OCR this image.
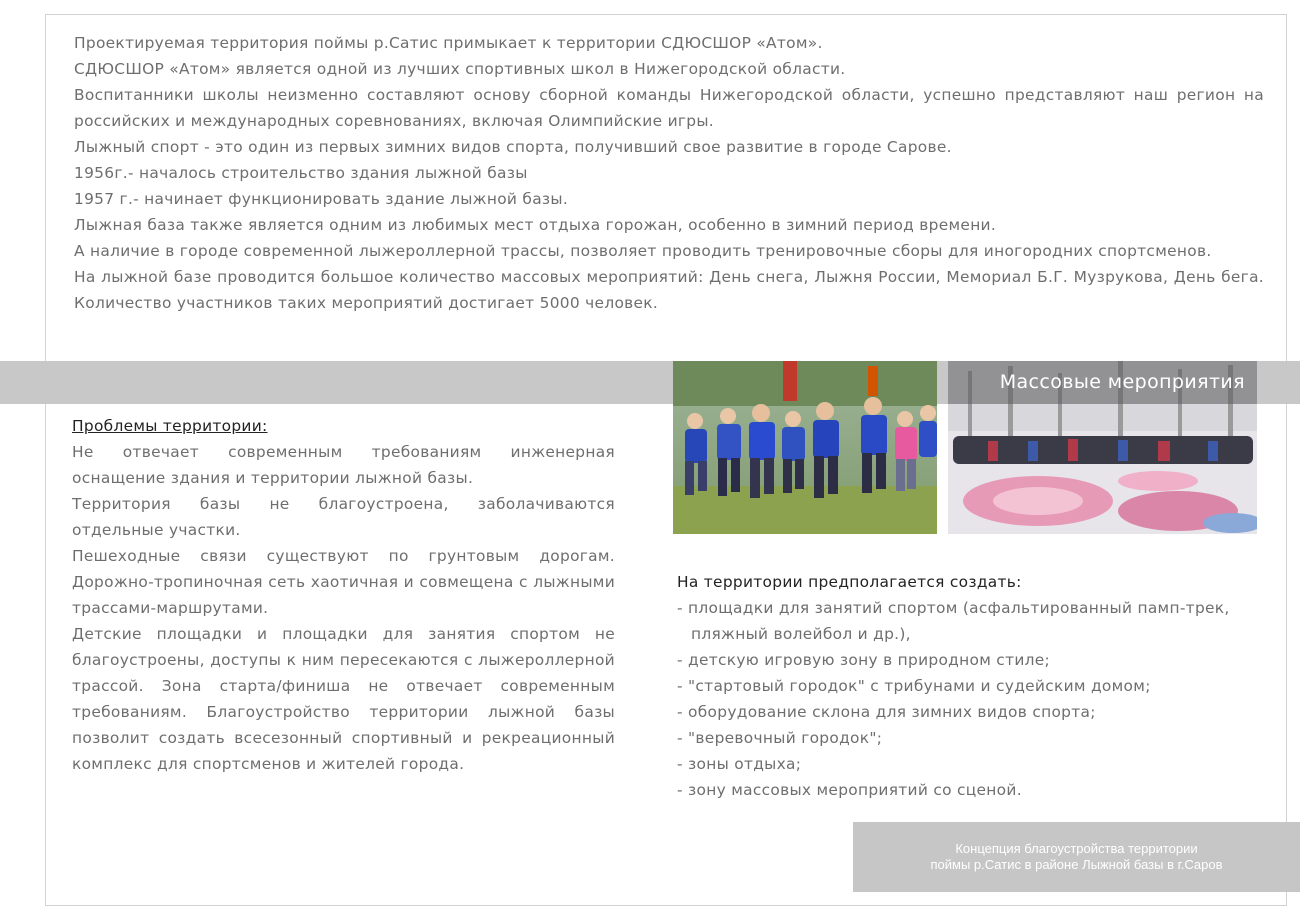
Проектируемая территория поймы р.Сатис примыкает к территории СДЮСШОР «Атом».

СДЮСШОР «Атом» является одной из лучших спортивных школ в Нижегородской области.

Воспитанники школы неизменно составляют основу сборной команды Нижегородской области, успешно представляют наш регион на российских и международных соревнованиях, включая Олимпийские игры.

Лыжный спорт - это один из первых зимних видов спорта, получивший свое развитие в городе Сарове.

1956г.- началось строительство здания лыжной базы

1957 г.- начинает функционировать здание лыжной базы.

Лыжная база также является одним из любимых мест отдыха горожан, особенно в зимний период времени.

А наличие в городе современной лыжероллерной трассы, позволяет проводить тренировочные сборы для иногородних спортсменов.

На лыжной базе проводится большое количество массовых мероприятий: День снега, Лыжня России, Мемориал Б.Г. Музрукова, День бега. Количество участников таких мероприятий достигает 5000 человек.

Массовые мероприятия
Проблемы территории:

Не отвечает современным требованиям инженерная оснащение здания и территории лыжной базы.

Территория базы не благоустроена, заболачиваются отдельные участки.

Пешеходные связи существуют по грунтовым дорогам. Дорожно-тропиночная сеть хаотичная и совмещена с лыжными трассами-маршрутами.

Детские площадки и площадки для занятия спортом не благоустроены, доступы к ним пересекаются с лыжероллерной трассой. Зона старта/финиша не отвечает современным требованиям. Благоустройство территории лыжной базы позволит создать всесезонный спортивный и рекреационный комплекс для спортсменов и жителей города.

На территории предполагается создать:
- площадки для занятий спортом (асфальтированный памп-трек, пляжный волейбол и др.),
- детскую игровую зону в природном стиле;
- "стартовый городок" с трибунами и судейским домом;
- оборудование склона для зимних видов спорта;
- "веревочный городок";
- зоны отдыха;
- зону массовых мероприятий со сценой.
Концепция благоустройства территории
поймы р.Сатис в районе Лыжной базы в г.Саров
